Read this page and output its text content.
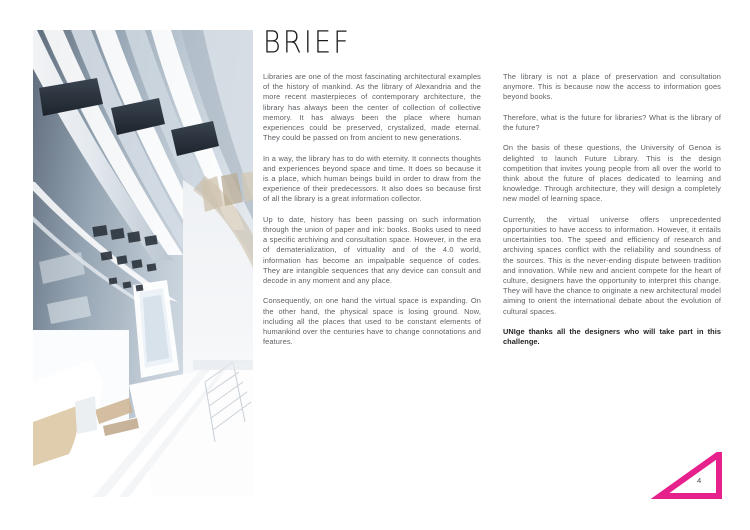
BRIEF

Libraries are one of the most fascinating architectural examples of the history of mankind. As the library of Alexandria and the more recent masterpieces of contemporary architecture, the library has always been the center of collection of collective memory. It has always been the place where human experiences could be preserved, crystalized, made eternal. They could be passed on from ancient to new generations.

In a way, the library has to do with eternity. It connects thoughts and experiences beyond space and time. It does so because it is a place, which human beings build in order to draw from the experience of their predecessors. It also does so because first of all the library is a great information collector.

Up to date, history has been passing on such information through the union of paper and ink: books. Books used to need a specific archiving and consultation space. However, in the era of dematerialization, of virtuality and of the 4.0 world, information has become an impalpable sequence of codes. They are intangible sequences that any device can consult and decode in any moment and any place.

Consequently, on one hand the virtual space is expanding. On the other hand, the physical space is losing ground. Now, including all the places that used to be constant elements of humankind over the centuries have to change connotations and features.

The library is not a place of preservation and consultation anymore. This is because now the access to information goes beyond books.

Therefore, what is the future for libraries? What is the library of the future?

On the basis of these questions, the University of Genoa is delighted to launch Future Library. This is the design competition that invites young people from all over the world to think about the future of places dedicated to learning and knowledge. Through architecture, they will design a completely new model of learning space.

Currently, the virtual universe offers unprecedented opportunities to have access to information. However, it entails uncertainties too. The speed and efficiency of research and archiving spaces conflict with the reliability and soundness of the sources. This is the never-ending dispute between tradition and innovation. While new and ancient compete for the heart of culture, designers have the opportunity to interpret this change. They will have the chance to originate a new architectural model aiming to orient the international debate about the evolution of cultural spaces.

UNIge thanks all the designers who will take part in this challenge.

4
